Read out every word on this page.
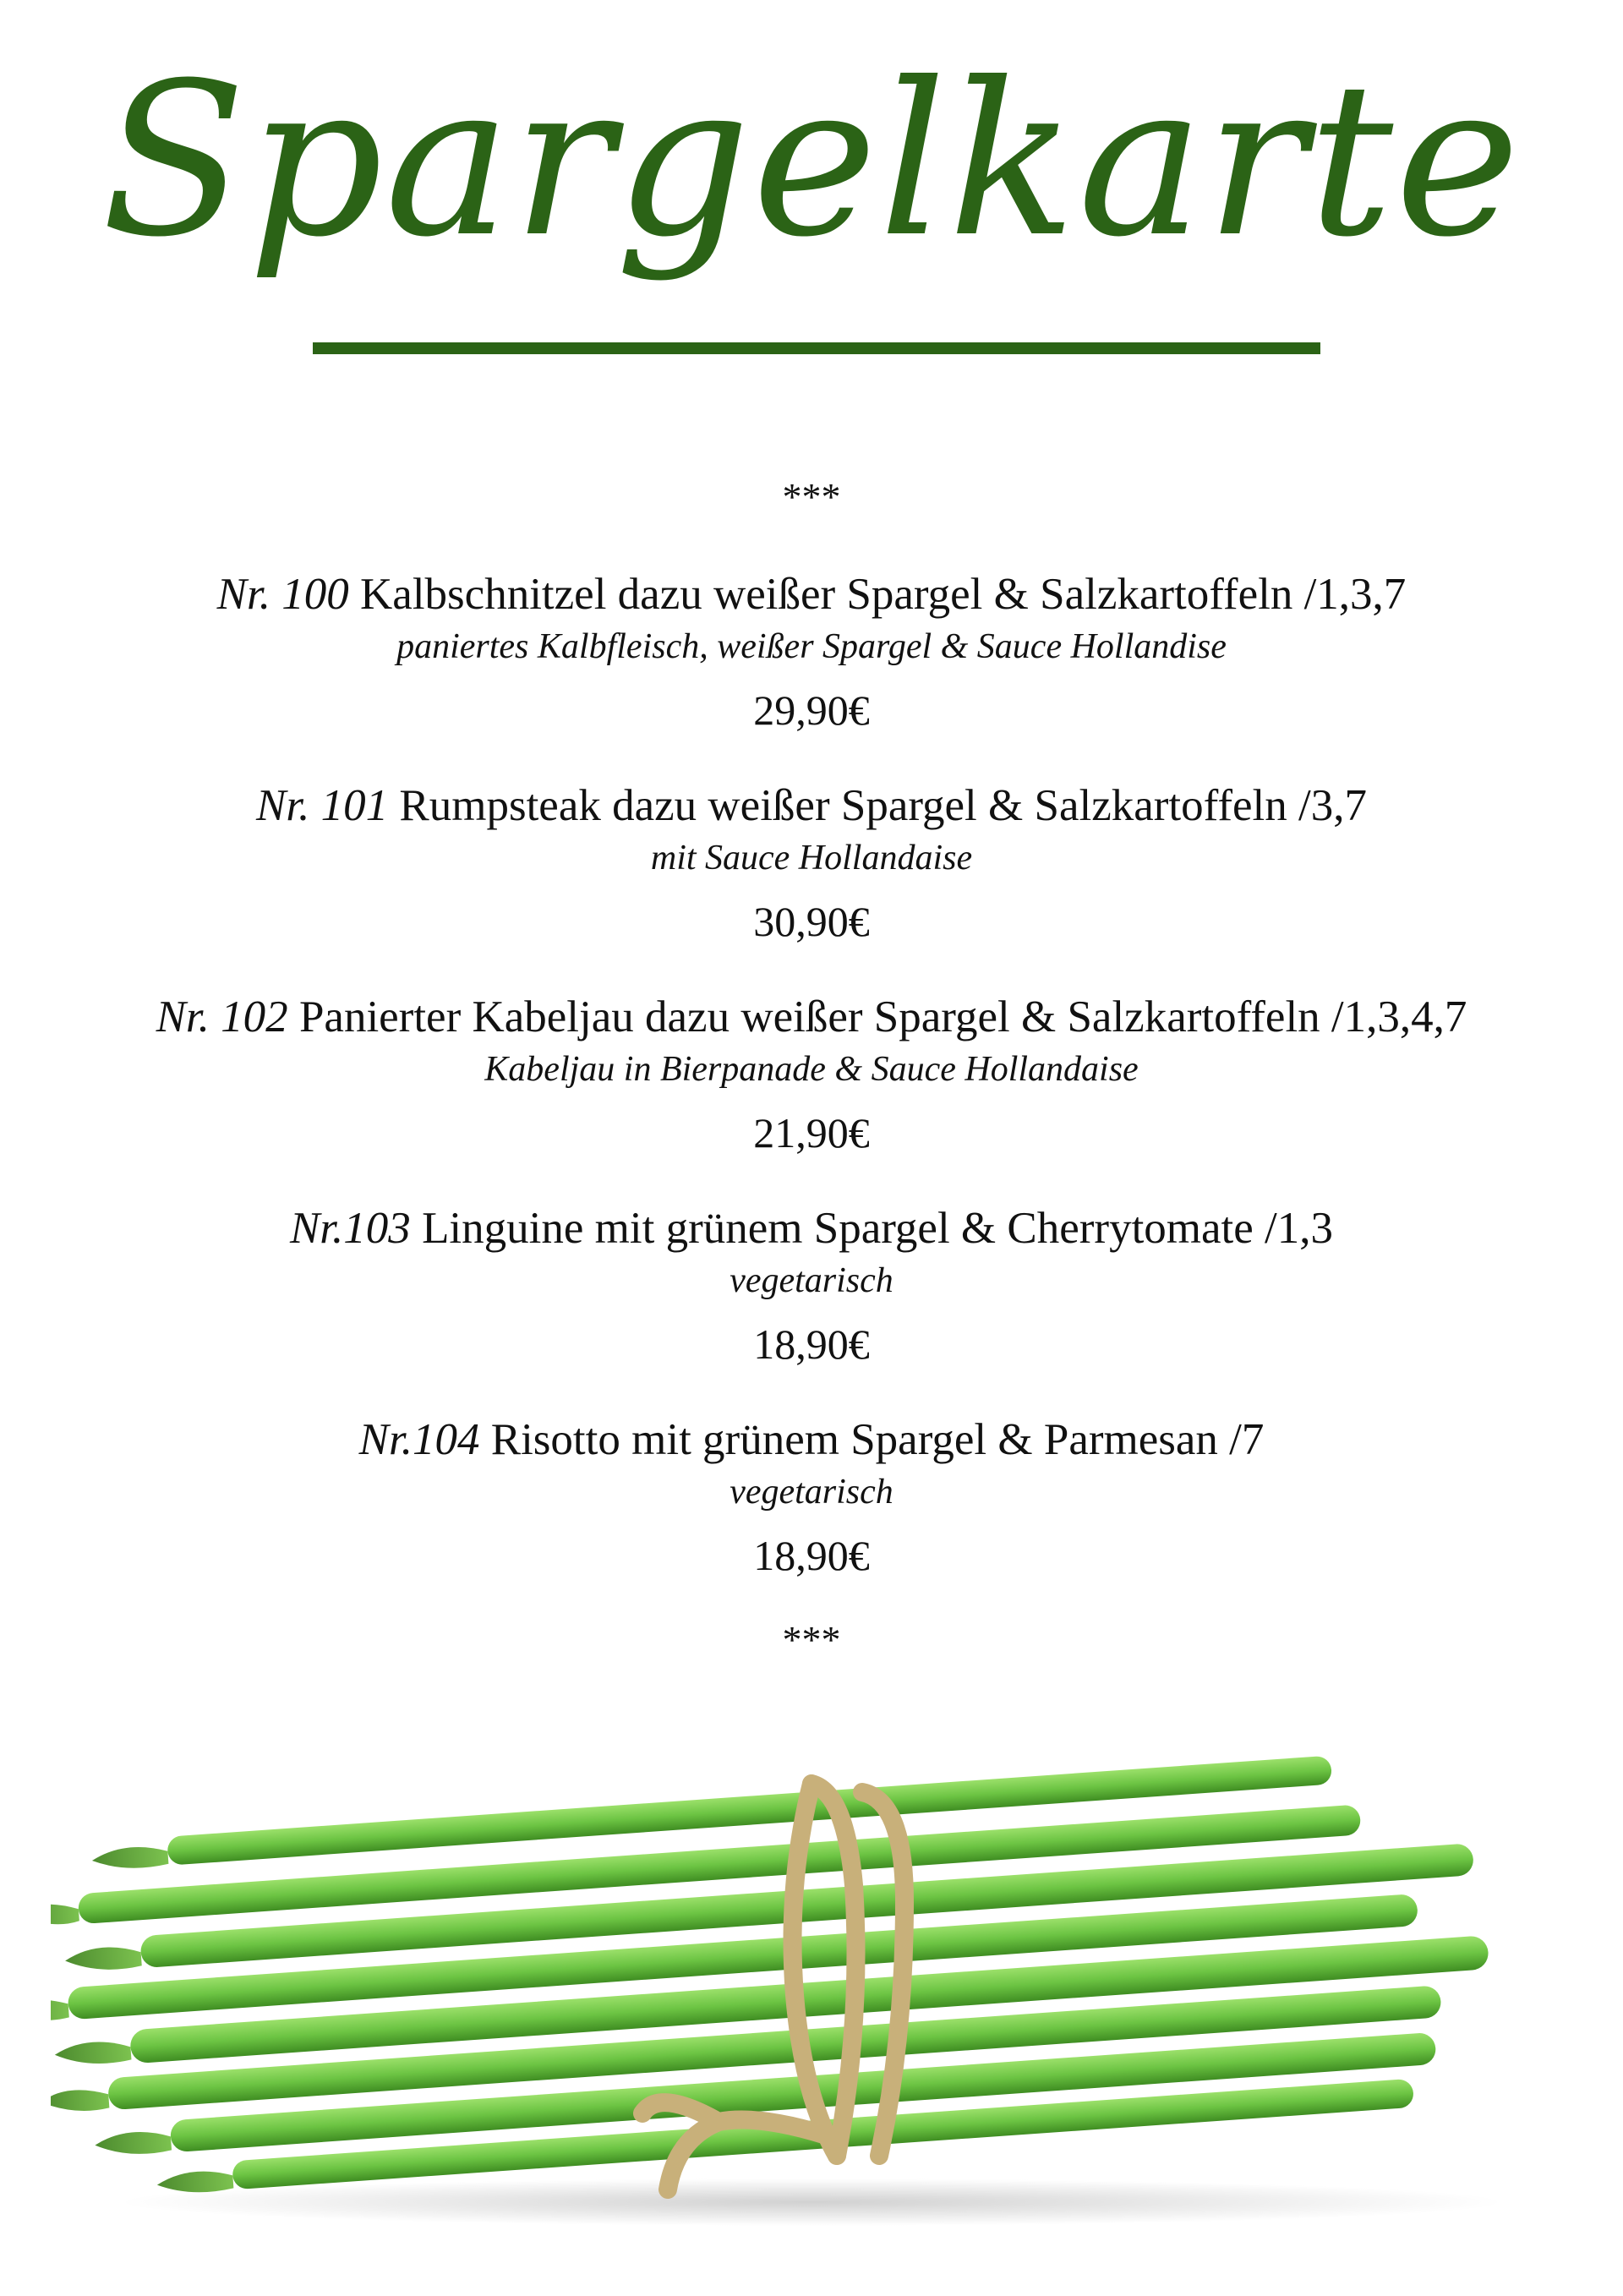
Spargelkarte
***
Nr. 100 Kalbschnitzel dazu weißer Spargel & Salzkartoffeln /1,3,7
paniertes Kalbfleisch, weißer Spargel & Sauce Hollandise
29,90€
Nr. 101 Rumpsteak dazu weißer Spargel & Salzkartoffeln /3,7
mit Sauce Hollandaise
30,90€
Nr. 102 Panierter Kabeljau dazu weißer Spargel & Salzkartoffeln /1,3,4,7
Kabeljau in Bierpanade & Sauce Hollandaise
21,90€
Nr.103 Linguine mit grünem Spargel & Cherrytomate /1,3
vegetarisch
18,90€
Nr.104 Risotto mit grünem Spargel & Parmesan /7
vegetarisch
18,90€
***
